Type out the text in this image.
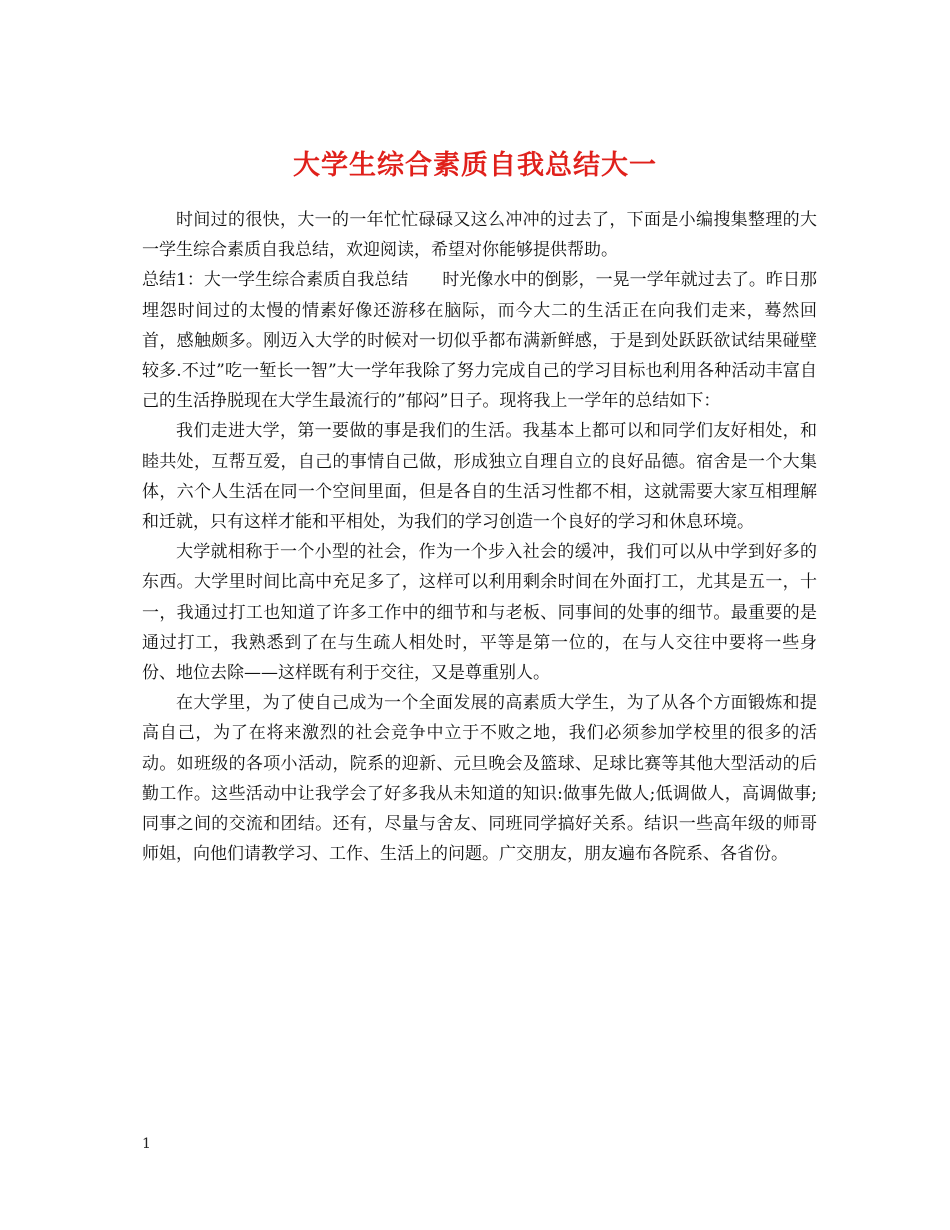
大学生综合素质自我总结大一

时间过的很快，大一的一年忙忙碌碌又这么冲冲的过去了，下面是小编搜集整理的大一学生综合素质自我总结，欢迎阅读，希望对你能够提供帮助。

总结1：大一学生综合素质自我总结　　时光像水中的倒影，一晃一学年就过去了。昨日那埋怨时间过的太慢的情素好像还游移在脑际，而今大二的生活正在向我们走来，蓦然回首，感触颇多。刚迈入大学的时候对一切似乎都布满新鲜感，于是到处跃跃欲试结果碰壁较多.不过”吃一堑长一智”大一学年我除了努力完成自己的学习目标也利用各种活动丰富自己的生活挣脱现在大学生最流行的”郁闷”日子。现将我上一学年的总结如下：

我们走进大学，第一要做的事是我们的生活。我基本上都可以和同学们友好相处，和睦共处，互帮互爱，自己的事情自己做，形成独立自理自立的良好品德。宿舍是一个大集体，六个人生活在同一个空间里面，但是各自的生活习性都不相，这就需要大家互相理解和迁就，只有这样才能和平相处，为我们的学习创造一个良好的学习和休息环境。

大学就相称于一个小型的社会，作为一个步入社会的缓冲，我们可以从中学到好多的东西。大学里时间比高中充足多了，这样可以利用剩余时间在外面打工，尤其是五一，十一，我通过打工也知道了许多工作中的细节和与老板、同事间的处事的细节。最重要的是通过打工，我熟悉到了在与生疏人相处时，平等是第一位的，在与人交往中要将一些身份、地位去除——这样既有利于交往，又是尊重别人。

在大学里，为了使自己成为一个全面发展的高素质大学生，为了从各个方面锻炼和提高自己，为了在将来激烈的社会竞争中立于不败之地，我们必须参加学校里的很多的活动。如班级的各项小活动，院系的迎新、元旦晚会及篮球、足球比赛等其他大型活动的后勤工作。这些活动中让我学会了好多我从未知道的知识:做事先做人;低调做人，高调做事;同事之间的交流和团结。还有，尽量与舍友、同班同学搞好关系。结识一些高年级的师哥师姐，向他们请教学习、工作、生活上的问题。广交朋友，朋友遍布各院系、各省份。

1
